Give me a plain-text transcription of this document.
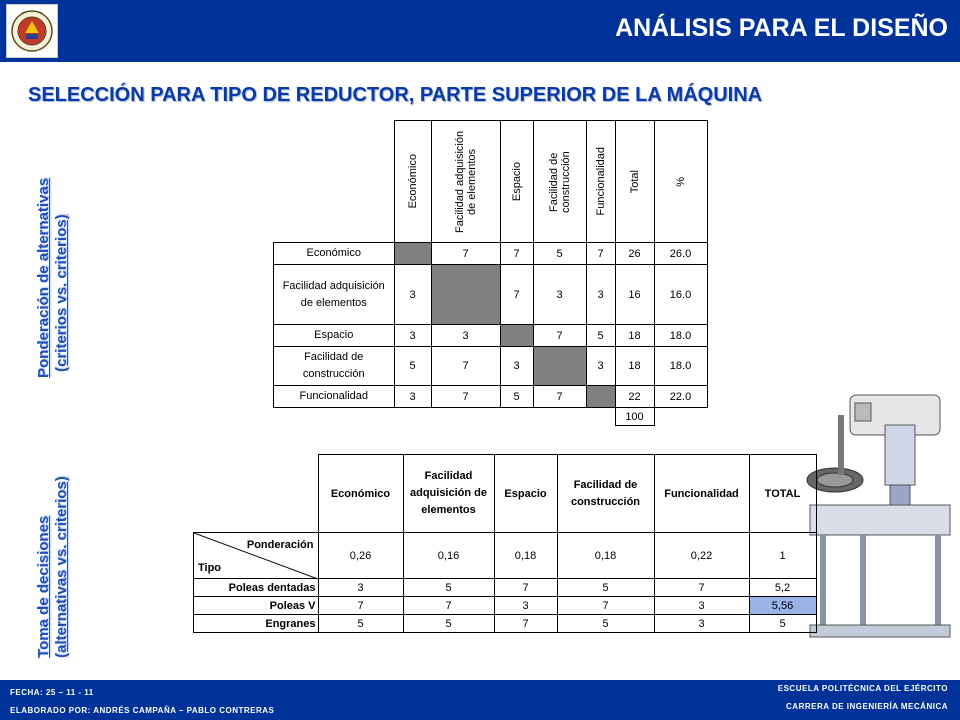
ANÁLISIS PARA EL DISEÑO
SELECCIÓN PARA TIPO DE REDUCTOR, PARTE SUPERIOR DE LA MÁQUINA
Ponderación de alternativas (criterios vs. criterios)
Toma de decisiones (alternativas vs. criterios)

	Económico	Facilidad adquisición de elementos	Espacio	Facilidad de construcción	Funcionalidad	Total	%

Económico		7	7	5	7	26	26.0
Facilidad adquisición de elementos	3		7	3	3	16	16.0
Espacio	3	3		7	5	18	18.0
Facilidad de construcción	5	7	3		3	18	18.0
Funcionalidad	3	7	5	7		22	22.0
						100	
	Económico	Facilidad adquisición de elementos	Espacio	Facilidad de construcción	Funcionalidad	TOTAL

Ponderación
Tipo	0,26	0,16	0,18	0,18	0,22	1
Poleas dentadas	3	5	7	5	7	5,2
Poleas V	7	7	3	7	3	5,56
Engranes	5	5	7	5	3	5
FECHA: 25 – 11 - 11
ELABORADO POR: ANDRÉS CAMPAÑA – PABLO CONTRERAS
ESCUELA POLITÉCNICA DEL EJÉRCITO
CARRERA DE INGENIERÍA MECÁNICA
